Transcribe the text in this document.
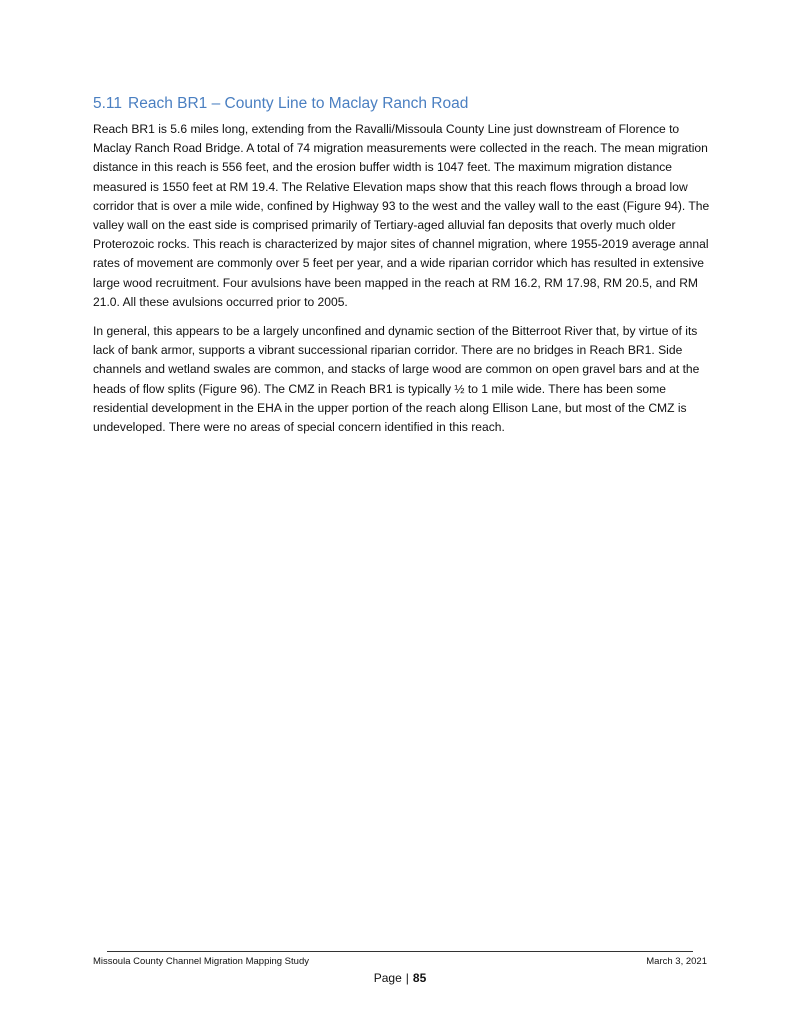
5.11 Reach BR1 – County Line to Maclay Ranch Road

Reach BR1 is 5.6 miles long, extending from the Ravalli/Missoula County Line just downstream of Florence to Maclay Ranch Road Bridge. A total of 74 migration measurements were collected in the reach. The mean migration distance in this reach is 556 feet, and the erosion buffer width is 1047 feet. The maximum migration distance measured is 1550 feet at RM 19.4. The Relative Elevation maps show that this reach flows through a broad low corridor that is over a mile wide, confined by Highway 93 to the west and the valley wall to the east (Figure 94). The valley wall on the east side is comprised primarily of Tertiary-aged alluvial fan deposits that overly much older Proterozoic rocks. This reach is characterized by major sites of channel migration, where 1955-2019 average annal rates of movement are commonly over 5 feet per year, and a wide riparian corridor which has resulted in extensive large wood recruitment. Four avulsions have been mapped in the reach at RM 16.2, RM 17.98, RM 20.5, and RM 21.0. All these avulsions occurred prior to 2005.

In general, this appears to be a largely unconfined and dynamic section of the Bitterroot River that, by virtue of its lack of bank armor, supports a vibrant successional riparian corridor. There are no bridges in Reach BR1. Side channels and wetland swales are common, and stacks of large wood are common on open gravel bars and at the heads of flow splits (Figure 96). The CMZ in Reach BR1 is typically ½ to 1 mile wide. There has been some residential development in the EHA in the upper portion of the reach along Ellison Lane, but most of the CMZ is undeveloped. There were no areas of special concern identified in this reach.

Missoula County Channel Migration Mapping Study	March 3, 2021
Page | 85
